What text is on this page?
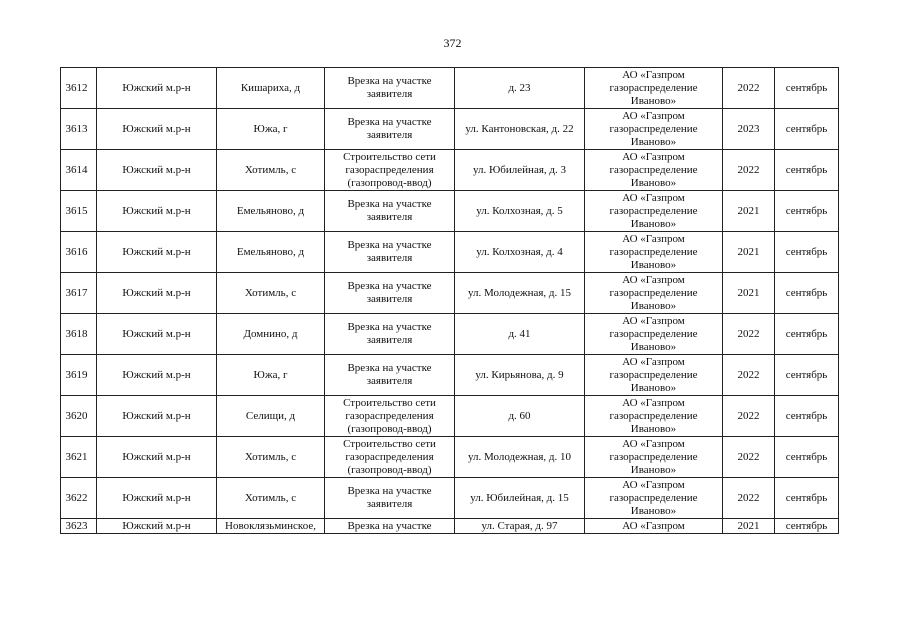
372
3612	Южский м.р-н	Кишариха, д	Врезка на участке заявителя	д. 23	АО «Газпром газораспределение Иваново»	2022	сентябрь
3613	Южский м.р-н	Южа, г	Врезка на участке заявителя	ул. Кантоновская, д. 22	АО «Газпром газораспределение Иваново»	2023	сентябрь
3614	Южский м.р-н	Хотимль, с	Строительство сети газораспределения (газопровод-ввод)	ул. Юбилейная, д. 3	АО «Газпром газораспределение Иваново»	2022	сентябрь
3615	Южский м.р-н	Емельяново, д	Врезка на участке заявителя	ул. Колхозная, д. 5	АО «Газпром газораспределение Иваново»	2021	сентябрь
3616	Южский м.р-н	Емельяново, д	Врезка на участке заявителя	ул. Колхозная, д. 4	АО «Газпром газораспределение Иваново»	2021	сентябрь
3617	Южский м.р-н	Хотимль, с	Врезка на участке заявителя	ул. Молодежная, д. 15	АО «Газпром газораспределение Иваново»	2021	сентябрь
3618	Южский м.р-н	Домнино, д	Врезка на участке заявителя	д. 41	АО «Газпром газораспределение Иваново»	2022	сентябрь
3619	Южский м.р-н	Южа, г	Врезка на участке заявителя	ул. Кирьянова, д. 9	АО «Газпром газораспределение Иваново»	2022	сентябрь
3620	Южский м.р-н	Селищи, д	Строительство сети газораспределения (газопровод-ввод)	д. 60	АО «Газпром газораспределение Иваново»	2022	сентябрь
3621	Южский м.р-н	Хотимль, с	Строительство сети газораспределения (газопровод-ввод)	ул. Молодежная, д. 10	АО «Газпром газораспределение Иваново»	2022	сентябрь
3622	Южский м.р-н	Хотимль, с	Врезка на участке заявителя	ул. Юбилейная, д. 15	АО «Газпром газораспределение Иваново»	2022	сентябрь
3623	Южский м.р-н	Новоклязьминское,	Врезка на участке	ул. Старая, д. 97	АО «Газпром	2021	сентябрь
